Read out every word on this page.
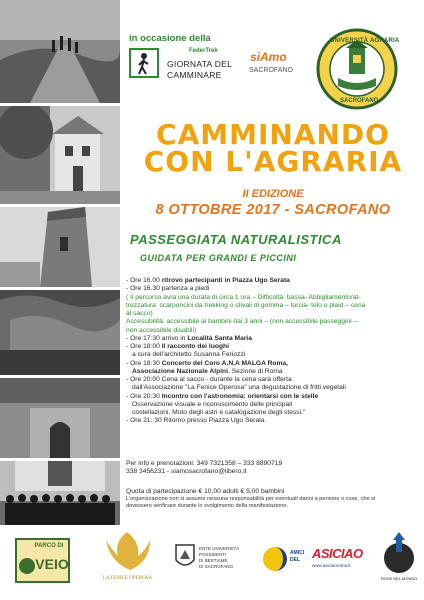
in occasione della
FederTrek
GIORNATA DEL
CAMMINARE
siAmo
SACROFANO
UNIVERSITÀ AGRARIA
SACROFANO
CAMMINANDO
CON L'AGRARIA
II EDIZIONE
8 OTTOBRE 2017 - SACROFANO
PASSEGGIATA NATURALISTICA
GUIDATA PER GRANDI E PICCINI

- Ore 16.00 ritrovo partecipanti in Piazza Ugo Serata

- Ore 16.30 partenza a piedi

( Il percorso avrà una durata di circa 1 ora – Difficoltà: bassa- Abbigliamento/at-

trezzatura: scarponcini da trekking o stivali di gomma – torcia- telo o plaid – cena

al sacco)

Accessibilità: accessibile ai bambini dai 3 anni – (non accessibile passeggini –

non accessibile disabili)

- Ore 17:30 arrivo in Località Santa Maria

- Ore 18:00 Il racconto dei luoghi

a cura dell'architetto Susanna Feriozzi

- Ore 18:30 Concerto del Coro A.N.A MALGA Roma,

Associazione Nazionale Alpini, Sezione di Roma

- Ore 20:00 Cena al sacco - durante la cena sarà offerta

dall'Associazione "La Fenice Operosa" una degustazione di fritti vegetali

- Ore 20:30 Incontro con l'astronomia: orientarsi con le stelle

Osservazione visuale e riconoscimento delle principali

costellazioni. Moto degli astri e catalogazione degli stessi."

- Ore 21: 30 Ritorno presso Piazza Ugo Serata

Per info e prenotazioni: 349 7321358 – 333 8890719

338 3456231 - siamosacrofano@libero.it

Quota di partecipazione € 10,00 adulti € 5,00 bambini
L'organizzazione non si assume nessuna responsabilità per eventuali danni a persone o cose, che si
dovessero verificare durante lo svolgimento della manifestazione.
PARCO DI
VEIO
LA FENICE OPEROSA
ENTE UNIVERSITÀ
POSSIDENTI
DI BESTIAME
DI SACROFANO
AMICI
DEL ASICIAO
www.asiciaoroma.it
PASSI NEL MONDO
